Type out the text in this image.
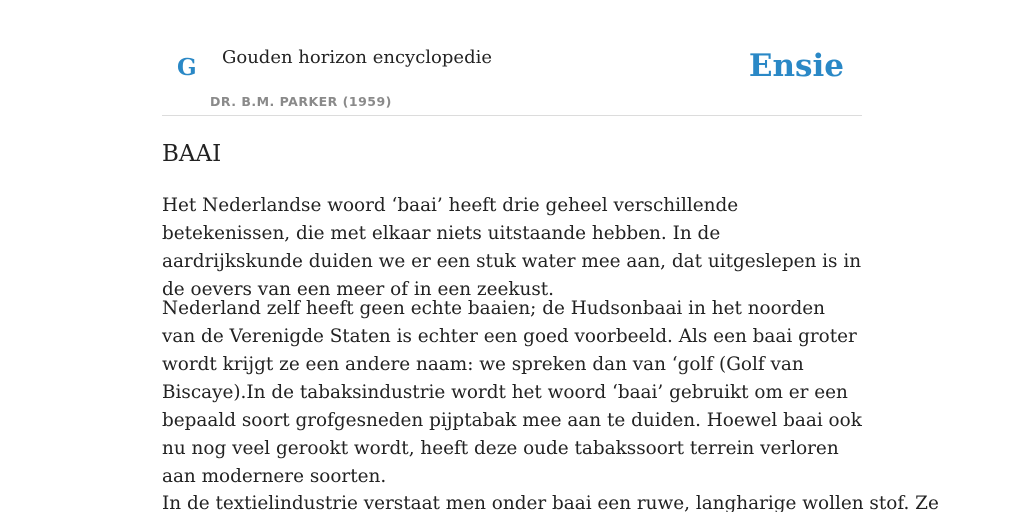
G Gouden horizon encyclopedie
DR. B.M. PARKER (1959)
Ensie
BAAI

Het Nederlandse woord ‘baai’ heeft drie geheel verschillende betekenissen, die met elkaar niets uitstaande hebben. In de aardrijkskunde duiden we er een stuk water mee aan, dat uitgeslepen is in de oevers van een meer of in een zeekust.

Nederland zelf heeft geen echte baaien; de Hudsonbaai in het noorden van de Verenigde Staten is echter een goed voorbeeld. Als een baai groter wordt krijgt ze een andere naam: we spreken dan van ‘golf (Golf van Biscaye).In de tabaksindustrie wordt het woord ‘baai’ gebruikt om er een bepaald soort grofgesneden pijptabak mee aan te duiden. Hoewel baai ook nu nog veel gerookt wordt, heeft deze oude tabakssoort terrein verloren aan modernere soorten.

In de textielindustrie verstaat men onder baai een ruwe, langharige wollen stof. Ze
